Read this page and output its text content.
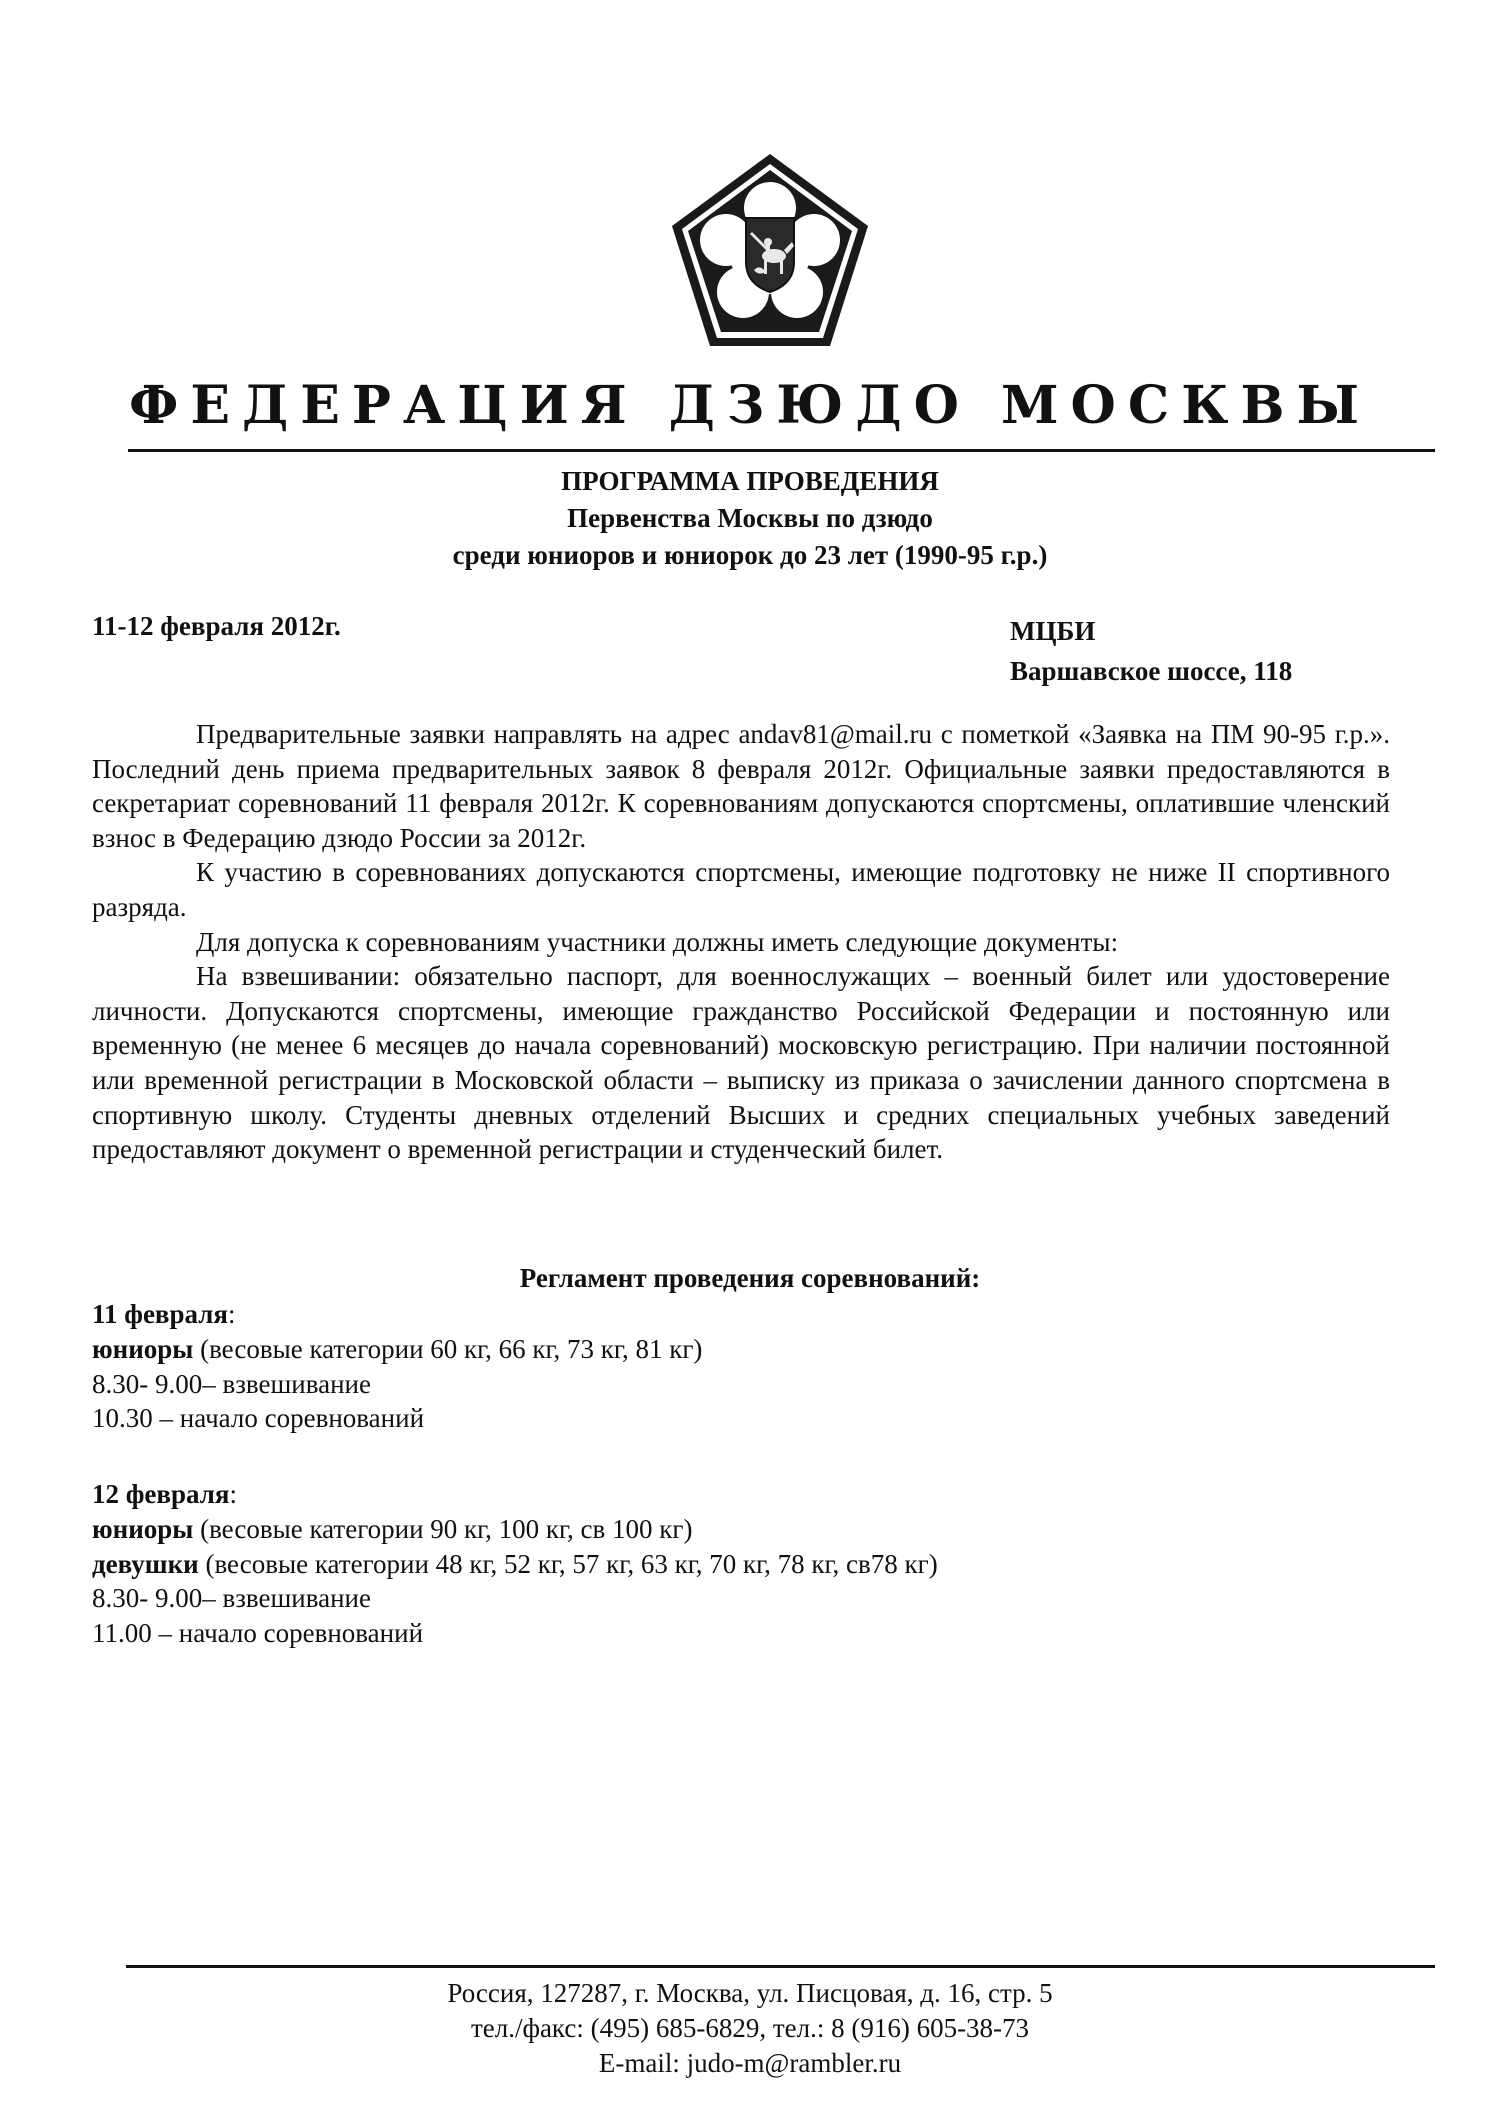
ФЕДЕРАЦИЯ ДЗЮДО МОСКВЫ
ПРОГРАММА ПРОВЕДЕНИЯ
Первенства Москвы по дзюдо
среди юниоров и юниорок до 23 лет (1990-95 г.р.)
11-12 февраля 2012г.	МЦБИ
Варшавское шоссе, 118

Предварительные заявки направлять на адрес andav81@mail.ru с пометкой «Заявка на ПМ 90-95 г.р.». Последний день приема предварительных заявок 8 февраля 2012г. Официальные заявки предоставляются в секретариат соревнований 11 февраля 2012г. К соревнованиям допускаются спортсмены, оплатившие членский взнос в Федерацию дзюдо России за 2012г.

К участию в соревнованиях допускаются спортсмены, имеющие подготовку не ниже II спортивного разряда.

Для допуска к соревнованиям участники должны иметь следующие документы:

На взвешивании: обязательно паспорт, для военнослужащих – военный билет или удостоверение личности. Допускаются спортсмены, имеющие гражданство Российской Федерации и постоянную или временную (не менее 6 месяцев до начала соревнований) московскую регистрацию. При наличии постоянной или временной регистрации в Московской области – выписку из приказа о зачислении данного спортсмена в спортивную школу. Студенты дневных отделений Высших и средних специальных учебных заведений предоставляют документ о временной регистрации и студенческий билет.

Регламент проведения соревнований:
11 февраля:
юниоры (весовые категории 60 кг, 66 кг, 73 кг, 81 кг)
8.30- 9.00– взвешивание
10.30 – начало соревнований
12 февраля:
юниоры (весовые категории 90 кг, 100 кг, св 100 кг)
девушки (весовые категории 48 кг, 52 кг, 57 кг, 63 кг, 70 кг, 78 кг, св78 кг)
8.30- 9.00– взвешивание
11.00 – начало соревнований
Россия, 127287, г. Москва, ул. Писцовая, д. 16, стр. 5
тел./факс: (495) 685-6829, тел.: 8 (916) 605-38-73
E-mail: judo-m@rambler.ru
